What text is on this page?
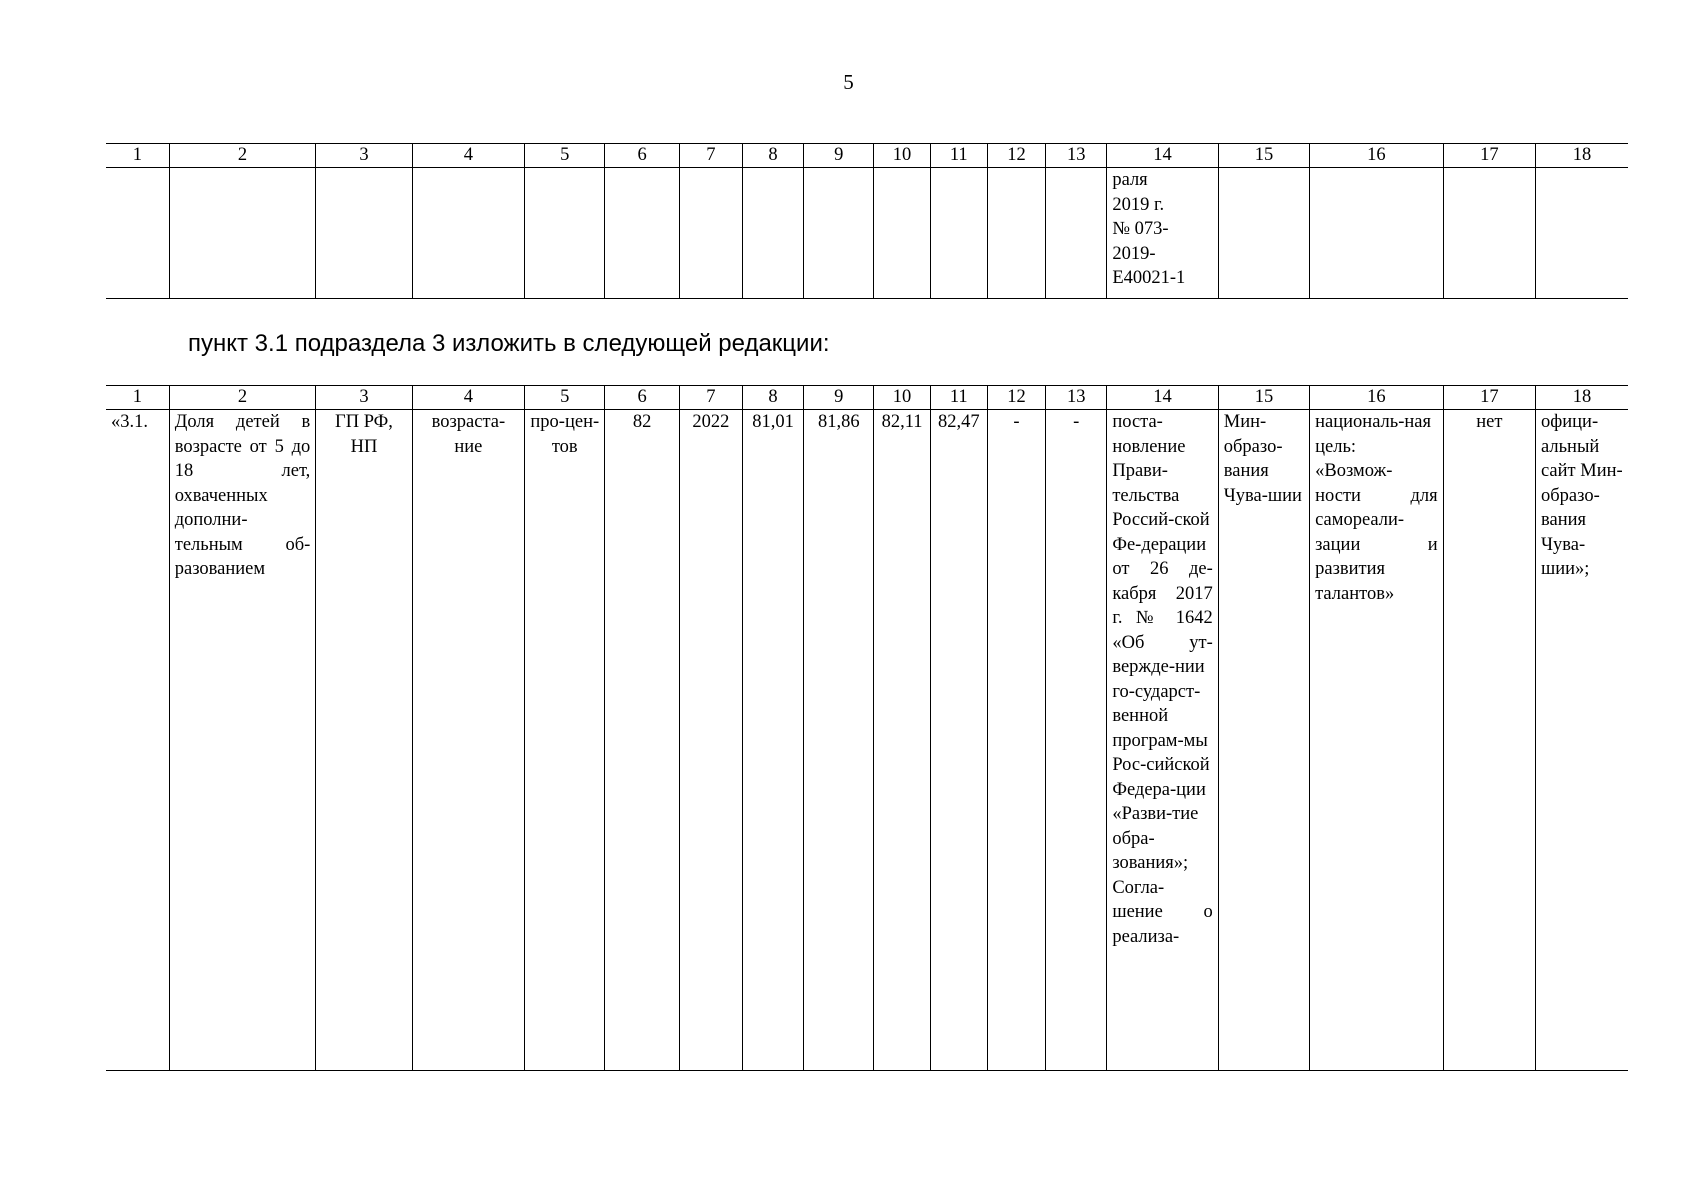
5
1	2	3	4	5	6	7	8	9	10	11	12	13	14	15	16	17	18
													раля
2019 г.
№ 073-
2019-
Е40021-1				
пункт 3.1 подраздела 3 изложить в следующей редакции:
1	2	3	4	5	6	7	8	9	10	11	12	13	14	15	16	17	18
«3.1.	Доля детей в возрасте от 5 до 18 лет, охваченных дополни-тельным об-разованием	ГП РФ, НП	возраста-ние	про-цен-тов	82	2022	81,01	81,86	82,11	82,47	-	-	поста-новление Прави-тельства Россий-ской Фе-дерации от 26 де-кабря 2017 г. № 1642 «Об ут-вержде-нии го-сударст-венной програм-мы Рос-сийской Федера-ции «Разви-тие обра-зования»; Согла-шение о реализа-	Мин-образо-вания Чува-шии	националь-ная цель: «Возмож-ности для самореали-зации и развития талантов»	нет	офици-альный сайт Мин-образо-вания Чува-шии»;
